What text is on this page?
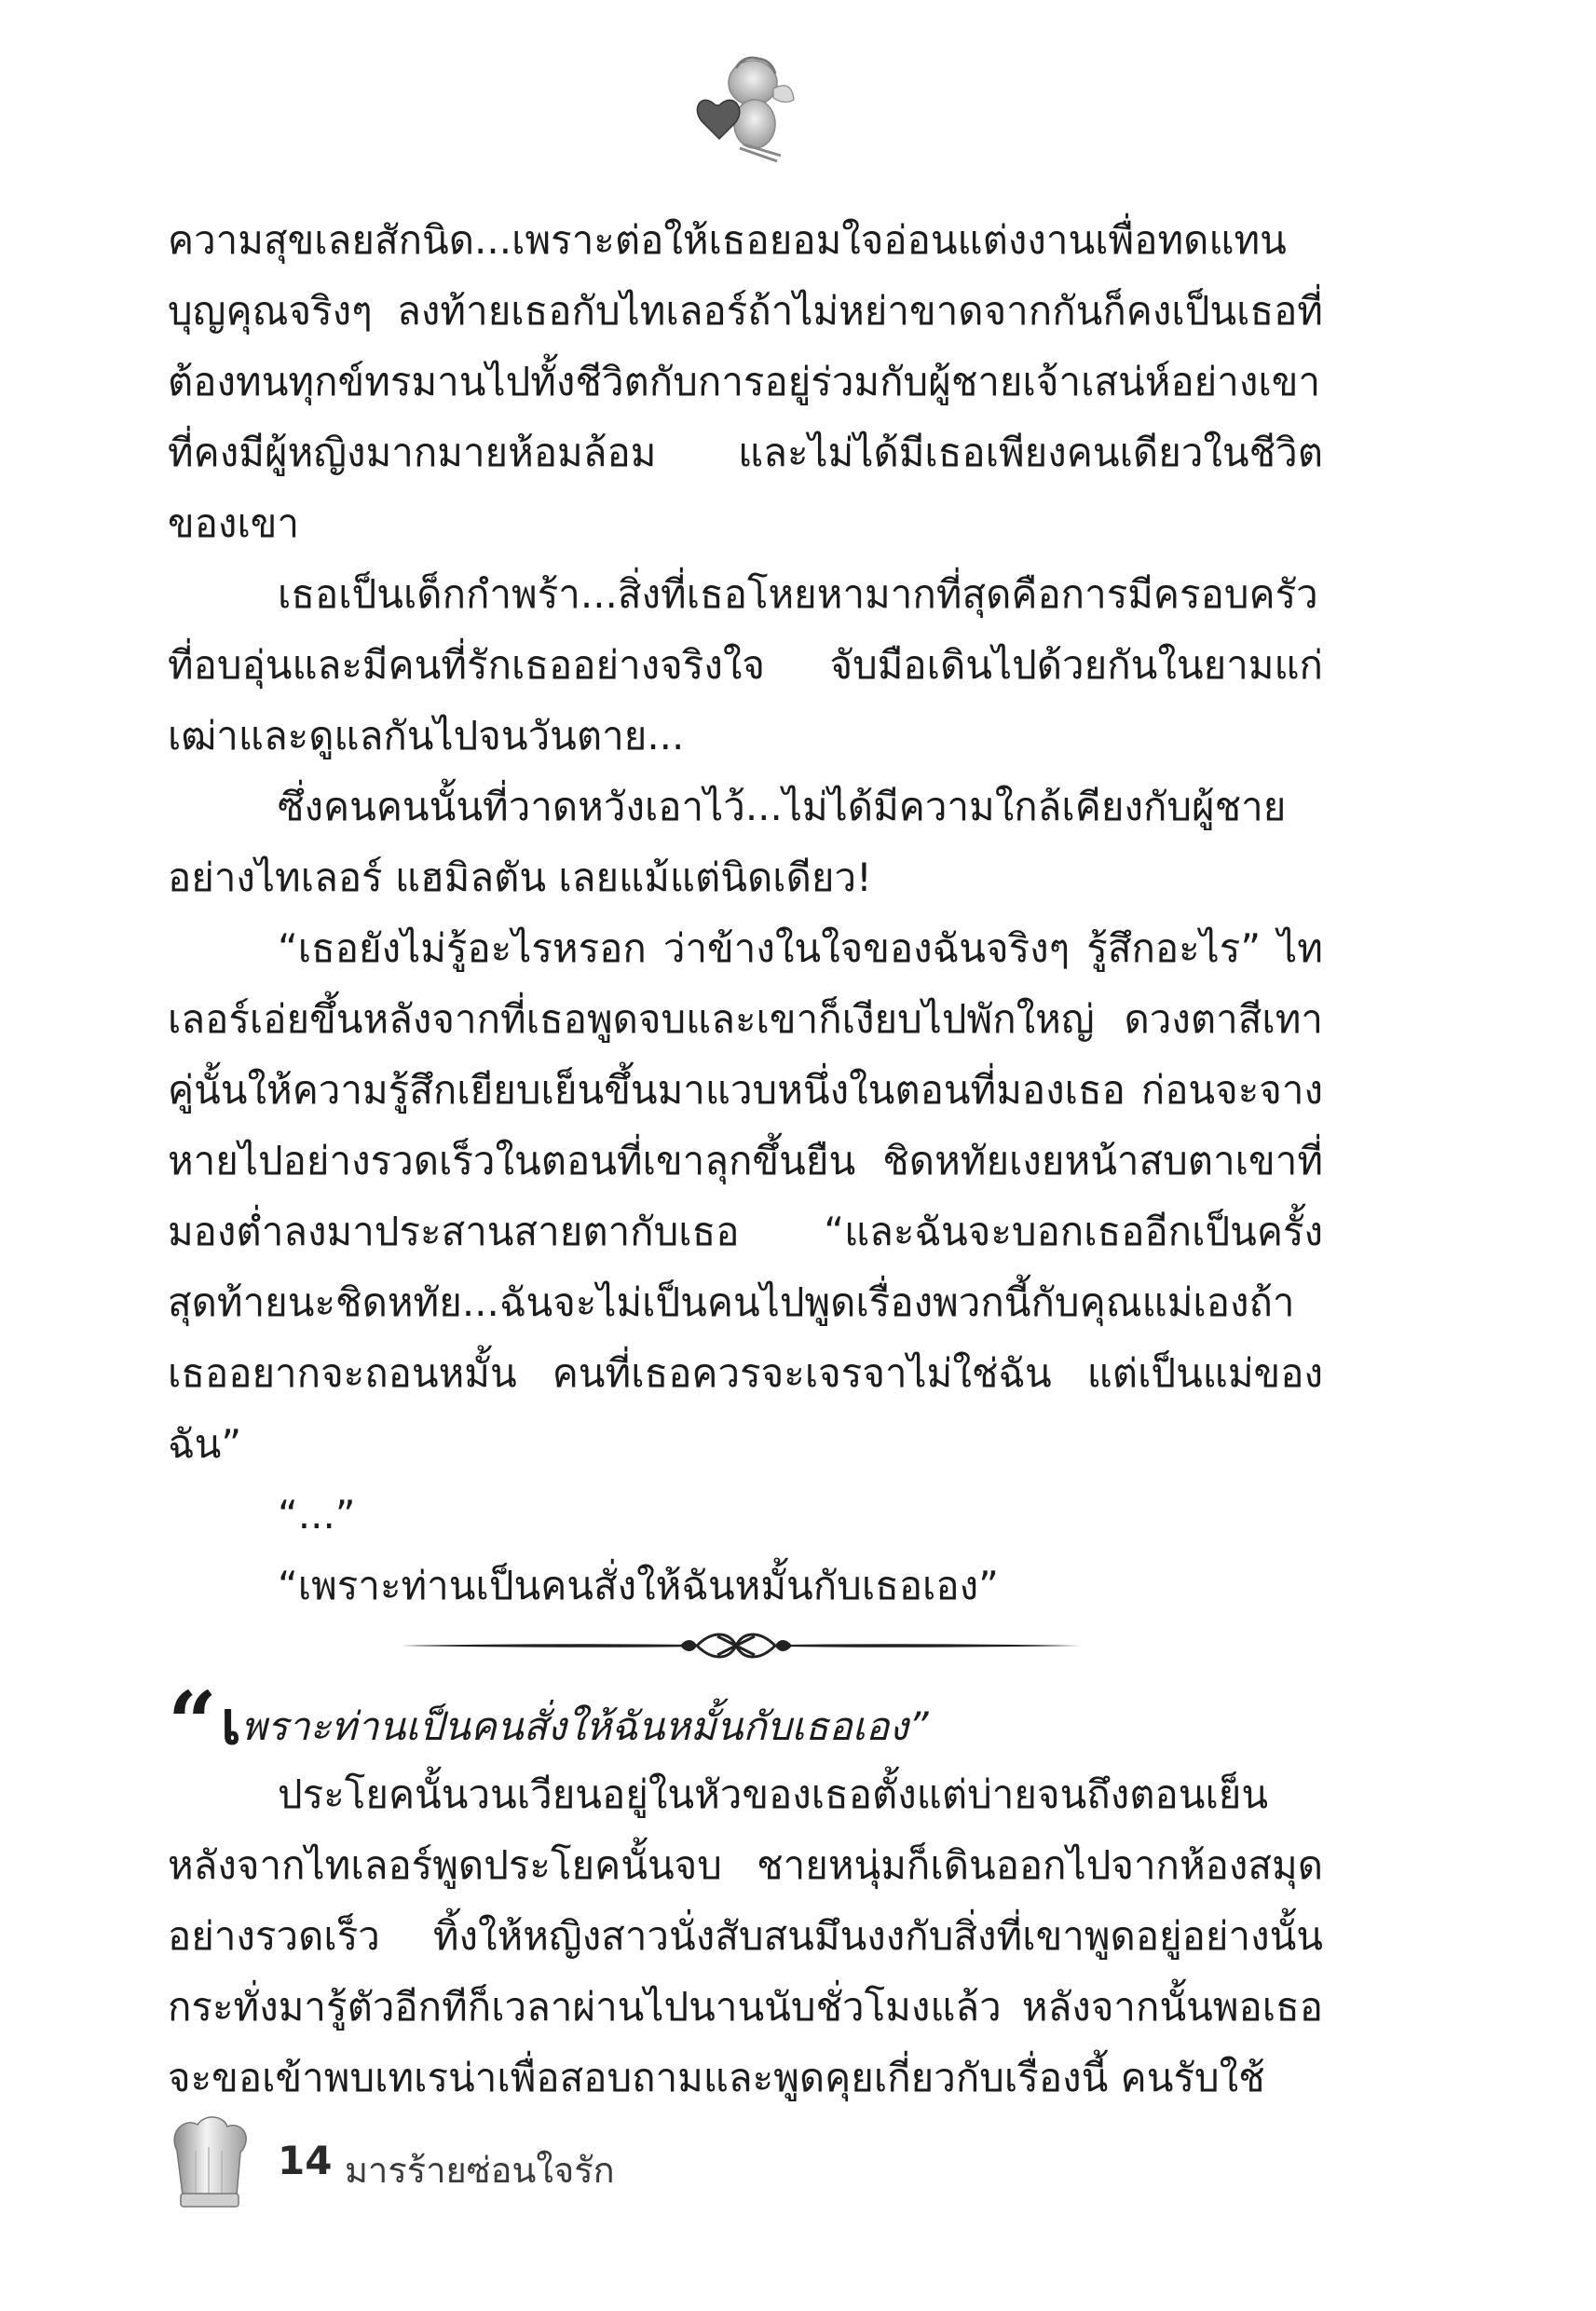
ความสุขเลยสักนิด...เพราะต่อให้เธอยอมใจอ่อนแต่งงานเพื่อทดแทนบุญคุณจริงๆ ลงท้ายเธอกับไทเลอร์ถ้าไม่หย่าขาดจากกันก็คงเป็นเธอที่ต้องทนทุกข์ทรมานไปทั้งชีวิตกับการอยู่ร่วมกับผู้ชายเจ้าเสน่ห์อย่างเขาที่คงมีผู้หญิงมากมายห้อมล้อม และไม่ได้มีเธอเพียงคนเดียวในชีวิตของเขา

เธอเป็นเด็กกำพร้า...สิ่งที่เธอโหยหามากที่สุดคือการมีครอบครัวที่อบอุ่นและมีคนที่รักเธออย่างจริงใจ จับมือเดินไปด้วยกันในยามแก่เฒ่าและดูแลกันไปจนวันตาย...

ซึ่งคนคนนั้นที่วาดหวังเอาไว้...ไม่ได้มีความใกล้เคียงกับผู้ชายอย่างไทเลอร์ แฮมิลตัน เลยแม้แต่นิดเดียว!

“เธอยังไม่รู้อะไรหรอก ว่าข้างในใจของฉันจริงๆ รู้สึกอะไร” ไทเลอร์เอ่ยขึ้นหลังจากที่เธอพูดจบและเขาก็เงียบไปพักใหญ่ ดวงตาสีเทาคู่นั้นให้ความรู้สึกเยียบเย็นขึ้นมาแวบหนึ่งในตอนที่มองเธอ ก่อนจะจางหายไปอย่างรวดเร็วในตอนที่เขาลุกขึ้นยืน ชิดหทัยเงยหน้าสบตาเขาที่มองต่ำลงมาประสานสายตากับเธอ “และฉันจะบอกเธออีกเป็นครั้งสุดท้ายนะชิดหทัย...ฉันจะไม่เป็นคนไปพูดเรื่องพวกนี้กับคุณแม่เองถ้าเธออยากจะถอนหมั้น คนที่เธอควรจะเจรจาไม่ใช่ฉัน แต่เป็นแม่ของฉัน”

“...”

“เพราะท่านเป็นคนสั่งให้ฉันหมั้นกับเธอเอง”

“เพราะท่านเป็นคนสั่งให้ฉันหมั้นกับเธอเอง”

ประโยคนั้นวนเวียนอยู่ในหัวของเธอตั้งแต่บ่ายจนถึงตอนเย็นหลังจากไทเลอร์พูดประโยคนั้นจบ ชายหนุ่มก็เดินออกไปจากห้องสมุดอย่างรวดเร็ว ทิ้งให้หญิงสาวนั่งสับสนมึนงงกับสิ่งที่เขาพูดอยู่อย่างนั้นกระทั่งมารู้ตัวอีกทีก็เวลาผ่านไปนานนับชั่วโมงแล้ว หลังจากนั้นพอเธอจะขอเข้าพบเทเรน่าเพื่อสอบถามและพูดคุยเกี่ยวกับเรื่องนี้ คนรับใช้

14 มารร้ายซ่อนใจรัก
